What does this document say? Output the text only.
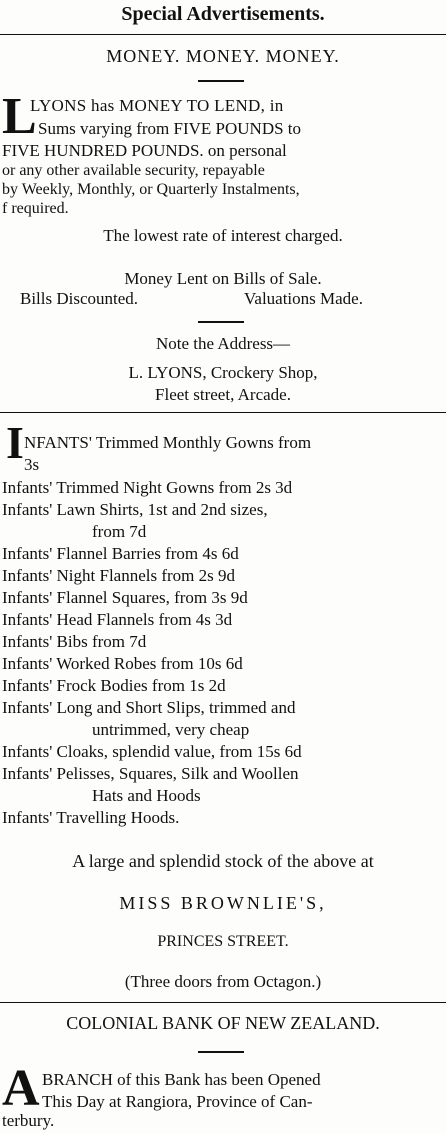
Special Advertisements.
MONEY. MONEY. MONEY.
L
LYONS has MONEY TO LEND, in
Sums varying from FIVE POUNDS to
FIVE HUNDRED POUNDS. on personal
or any other available security, repayable
by Weekly, Monthly, or Quarterly Instalments,
f required.
The lowest rate of interest charged.
Money Lent on Bills of Sale.
Bills Discounted.	Valuations Made.
Note the Address—
L. LYONS, Crockery Shop,
Fleet street, Arcade.
I NFANTS' Trimmed Monthly Gowns from
3s
Infants' Trimmed Night Gowns from 2s 3d
Infants' Lawn Shirts, 1st and 2nd sizes,
from 7d
Infants' Flannel Barries from 4s 6d
Infants' Night Flannels from 2s 9d
Infants' Flannel Squares, from 3s 9d
Infants' Head Flannels from 4s 3d
Infants' Bibs from 7d
Infants' Worked Robes from 10s 6d
Infants' Frock Bodies from 1s 2d
Infants' Long and Short Slips, trimmed and
untrimmed, very cheap
Infants' Cloaks, splendid value, from 15s 6d
Infants' Pelisses, Squares, Silk and Woollen
Hats and Hoods
Infants' Travelling Hoods.
A large and splendid stock of the above at
MISS BROWNLIE'S,
PRINCES STREET.
(Three doors from Octagon.)
COLONIAL BANK OF NEW ZEALAND.
A BRANCH of this Bank has been Opened
This Day at Rangiora, Province of Can-
terbury.
